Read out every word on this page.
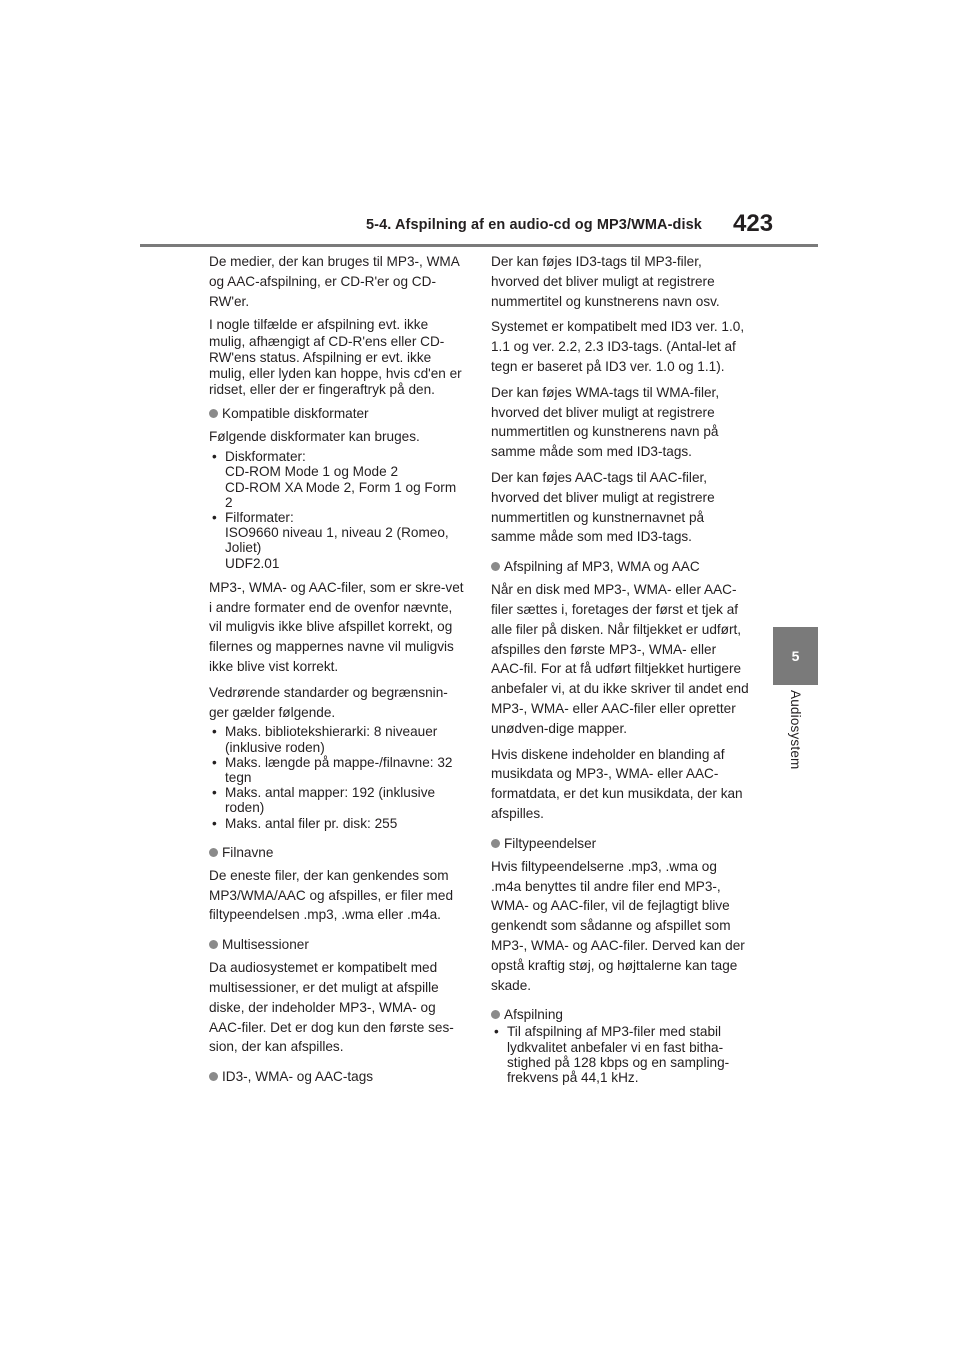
5-4. Afspilning af en audio-cd og MP3/WMA-disk 423
5
Audiosystem

De medier, der kan bruges til MP3-, WMA og AAC-afspilning, er CD-R'er og CD-RW'er.

I nogle tilfælde er afspilning evt. ikke mulig, afhængigt af CD-R'ens eller CD-RW'ens status. Afspilning er evt. ikke mulig, eller lyden kan hoppe, hvis cd'en er ridset, eller der er fingeraftryk på den.

Kompatible diskformater

Følgende diskformater kan bruges.

• Diskformater:
CD-ROM Mode 1 og Mode 2
CD-ROM XA Mode 2, Form 1 og Form 2
• Filformater:
ISO9660 niveau 1, niveau 2 (Romeo, Joliet)
UDF2.01

MP3-, WMA- og AAC-filer, som er skre-vet i andre formater end de ovenfor nævnte, vil muligvis ikke blive afspillet korrekt, og filernes og mappernes navne vil muligvis ikke blive vist korrekt.

Vedrørende standarder og begrænsnin-ger gælder følgende.

• Maks. bibliotekshierarki: 8 niveauer (inklusive roden)
• Maks. længde på mappe-/filnavne: 32 tegn
• Maks. antal mapper: 192 (inklusive roden)
• Maks. antal filer pr. disk: 255
Filnavne

De eneste filer, der kan genkendes som MP3/WMA/AAC og afspilles, er filer med filtypeendelsen .mp3, .wma eller .m4a.

Multisessioner

Da audiosystemet er kompatibelt med multisessioner, er det muligt at afspille diske, der indeholder MP3-, WMA- og AAC-filer. Det er dog kun den første ses-sion, der kan afspilles.

ID3-, WMA- og AAC-tags

Der kan føjes ID3-tags til MP3-filer, hvorved det bliver muligt at registrere nummertitel og kunstnerens navn osv.

Systemet er kompatibelt med ID3 ver. 1.0, 1.1 og ver. 2.2, 2.3 ID3-tags. (Antal-let af tegn er baseret på ID3 ver. 1.0 og 1.1).

Der kan føjes WMA-tags til WMA-filer, hvorved det bliver muligt at registrere nummertitlen og kunstnerens navn på samme måde som med ID3-tags.

Der kan føjes AAC-tags til AAC-filer, hvorved det bliver muligt at registrere nummertitlen og kunstnernavnet på samme måde som med ID3-tags.

Afspilning af MP3, WMA og AAC

Når en disk med MP3-, WMA- eller AAC-filer sættes i, foretages der først et tjek af alle filer på disken. Når filtjekket er udført, afspilles den første MP3-, WMA- eller AAC-fil. For at få udført filtjekket hurtigere anbefaler vi, at du ikke skriver til andet end MP3-, WMA- eller AAC-filer eller opretter unødven-dige mapper.

Hvis diskene indeholder en blanding af musikdata og MP3-, WMA- eller AAC-formatdata, er det kun musikdata, der kan afspilles.

Filtypeendelser

Hvis filtypeendelserne .mp3, .wma og .m4a benyttes til andre filer end MP3-, WMA- og AAC-filer, vil de fejlagtigt blive genkendt som sådanne og afspillet som MP3-, WMA- og AAC-filer. Derved kan der opstå kraftig støj, og højttalerne kan tage skade.

Afspilning
• Til afspilning af MP3-filer med stabil lydkvalitet anbefaler vi en fast bitha-stighed på 128 kbps og en sampling-frekvens på 44,1 kHz.
